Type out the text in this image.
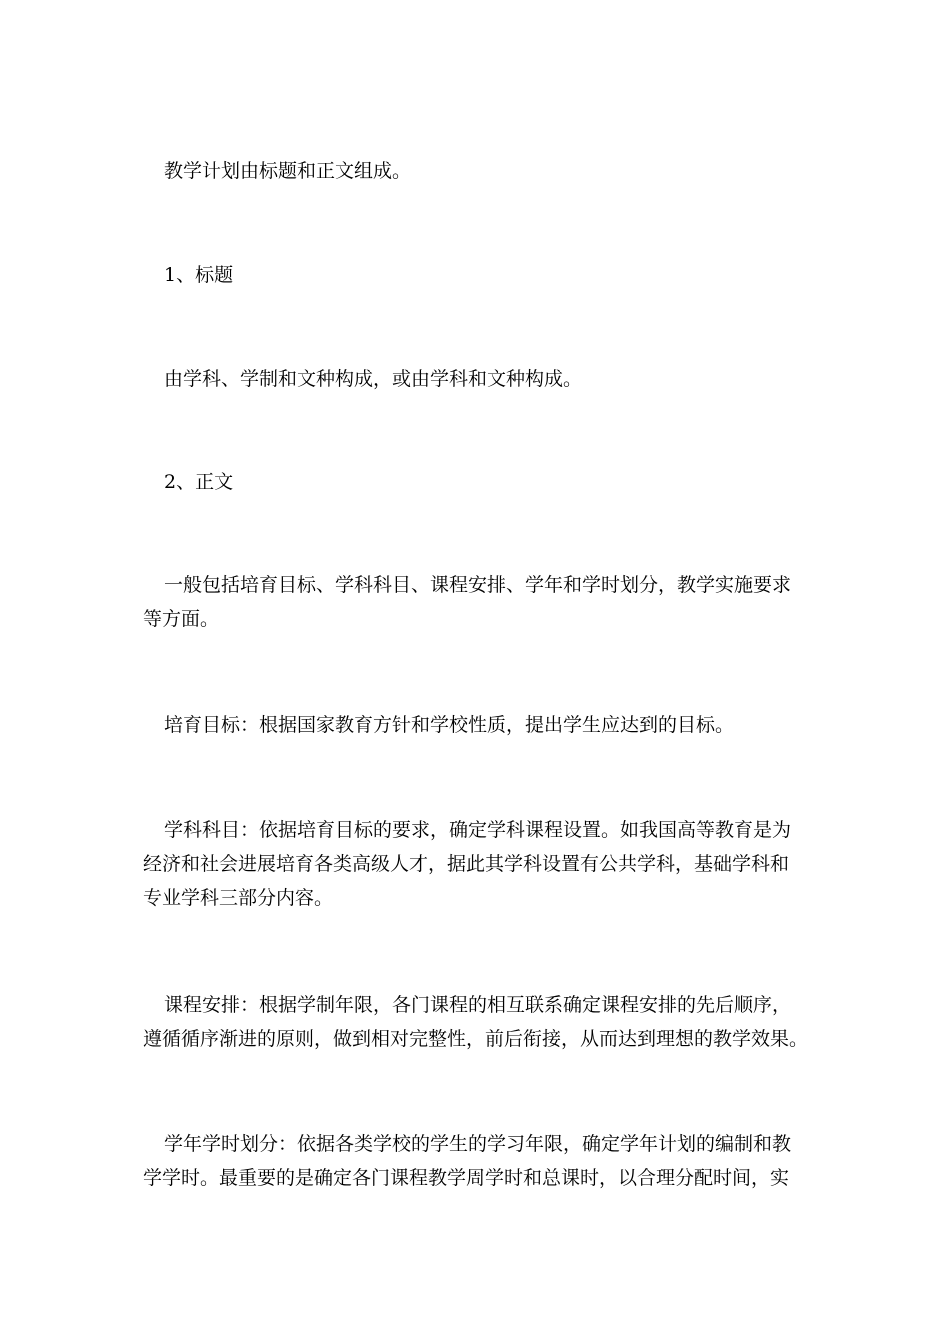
教学计划由标题和正文组成。

1、标题

由学科、学制和文种构成，或由学科和文种构成。

2、正文

一般包括培育目标、学科科目、课程安排、学年和学时划分，教学实施要求
等方面。

培育目标：根据国家教育方针和学校性质，提出学生应达到的目标。

学科科目：依据培育目标的要求，确定学科课程设置。如我国高等教育是为
经济和社会进展培育各类高级人才，据此其学科设置有公共学科，基础学科和
专业学科三部分内容。

课程安排：根据学制年限，各门课程的相互联系确定课程安排的先后顺序，
遵循循序渐进的原则，做到相对完整性，前后衔接，从而达到理想的教学效果。

学年学时划分：依据各类学校的学生的学习年限，确定学年计划的编制和教
学学时。最重要的是确定各门课程教学周学时和总课时，以合理分配时间，实
